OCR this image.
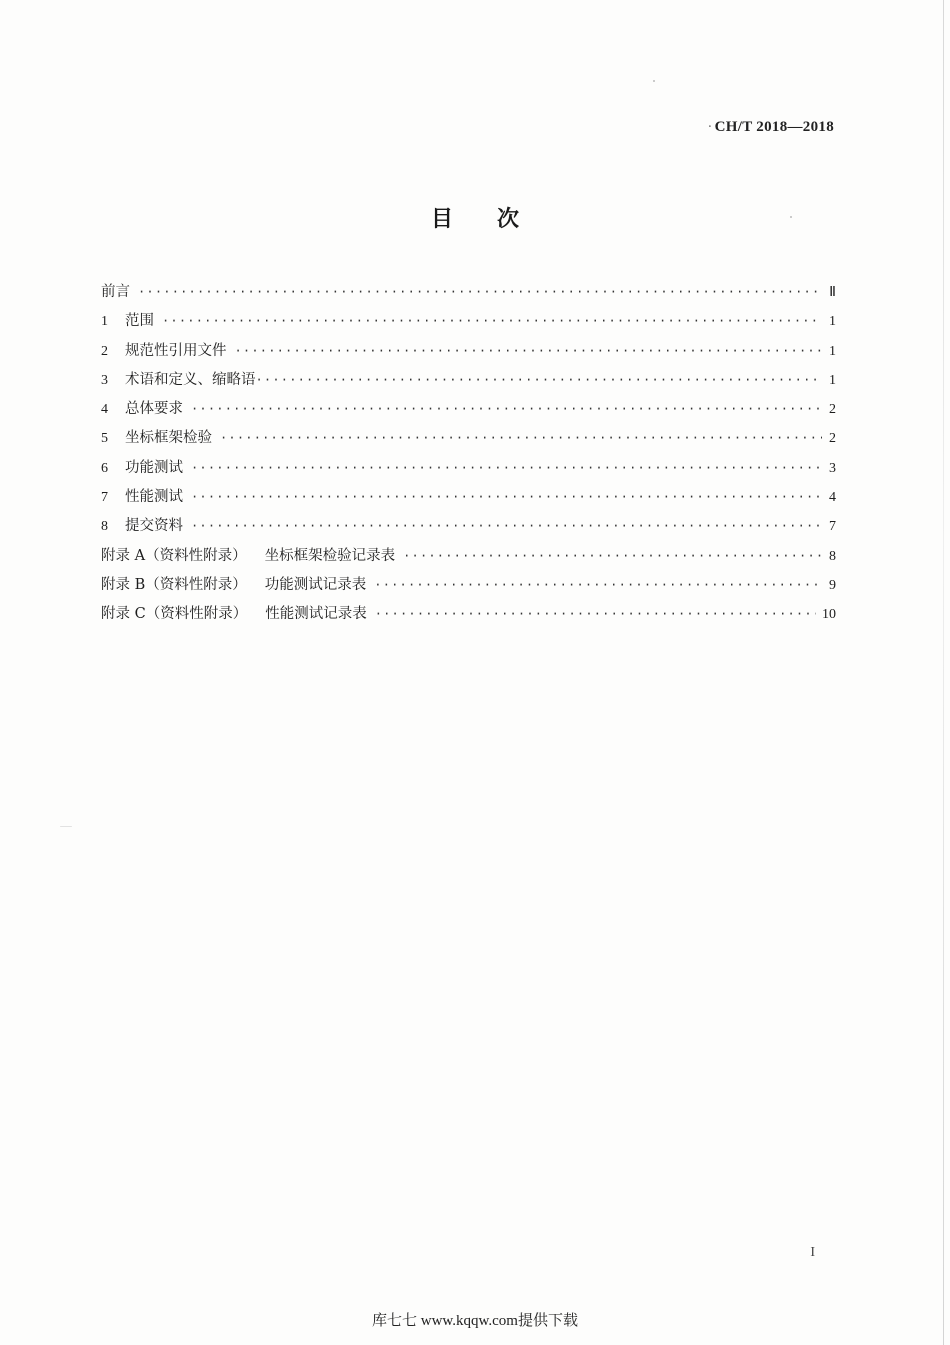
· CH/T 2018—2018
目 次
前言 ·····	Ⅱ
1	范围 ·····	1
2	规范性引用文件 ·····	1
3	术语和定义、缩略语 ·····	1
4	总体要求 ·····	2
5	坐标框架检验 ·····	2
6	功能测试 ·····	3
7	性能测试 ·····	4
8	提交资料 ·····	7
附录 A（资料性附录） 坐标框架检验记录表 ·····	8
附录 B（资料性附录） 功能测试记录表 ·····	9
附录 C（资料性附录） 性能测试记录表 ·····	10
I
库七七 www.kqqw.com提供下载
